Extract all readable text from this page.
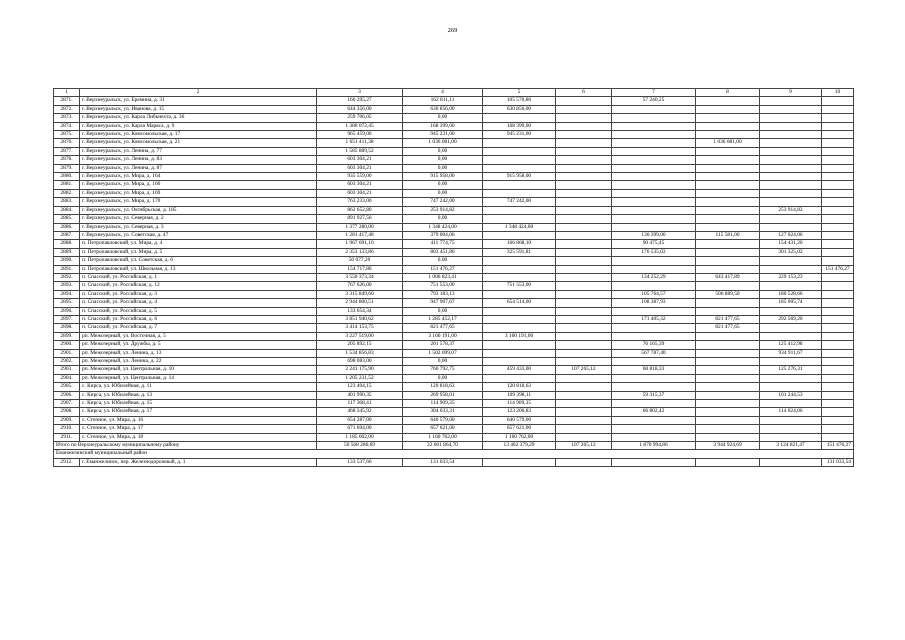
269
1	2	3	4	5	6	7	8	9	10
2871.	г. Верхнеуральск, ул. Еремина, д. 31	166 295,27	162 811,11	105 570,86		57 240,25			
2872.	г. Верхнеуральск, ул. Иванова, д. 15	644 356,00	630 856,00	630 856,00					
2873.	г. Верхнеуральск, ул. Карла Либкнехта, д. 36	259 706,05	0,00						
2874.	г. Верхнеуральск, ул. Карла Маркса, д. 9	1 380 072,45	168 399,00	168 399,00					
2875.	г. Верхнеуральск, ул. Комсомольская, д. 17	965 459,00	945 231,00	945 231,00					
2876.	г. Верхнеуральск, ул. Комсомольская, д. 21	1 651 411,38	1 036 081,00				1 036 081,00		
2877.	г. Верхнеуральск, ул. Ленина, д. 77	1 585 889,52	0,00						
2878.	г. Верхнеуральск, ул. Ленина, д. 83	603 304,21	0,00						
2879.	г. Верхнеуральск, ул. Ленина, д. 87	603 304,21	0,00						
2880.	г. Верхнеуральск, ул. Мира, д. 164	935 559,00	915 958,00	915 958,00					
2881.	г. Верхнеуральск, ул. Мира, д. 166	603 304,21	0,00						
2882.	г. Верхнеуральск, ул. Мира, д. 169	603 304,21	0,00						
2883.	г. Верхнеуральск, ул. Мира, д. 170	763 233,00	747 242,00	747 242,00					
2884.	г. Верхнеуральск, ул. Октябрьская, д. 185	862 652,80	253 914,82					253 914,82	
2885.	г. Верхнеуральск, ул. Северная, д. 2	891 927,56	0,00						
2886.	г. Верхнеуральск, ул. Северная, д. 3	1 377 280,00	1 348 424,00	1 348 424,00					
2887.	г. Верхнеуральск, ул. Советская, д. 47	1 281 417,48	379 004,06			136 399,00	115 581,00	127 024,06	
2888.	п. Петропавловский, ул. Мира, д. 4	1 967 691,10	411 774,75	166 868,10		90 475,45		154 431,20	
2889.	п. Петропавловский, ул. Мира, д. 5	2 353 133,86	803 451,86	325 591,81		176 535,03		301 325,02	
2890.	п. Петропавловский, ул. Советская, д. 6	50 077,20	0,00						
2891.	п. Петропавловский, ул. Школьная, д. 13	154 717,86	151 476,27						151 476,27
2892.	п. Спасский, ул. Российская, д. 1	3 550 373,34	1 006 823,41			134 252,29	643 417,89	229 153,23	
2893.	п. Спасский, ул. Российская, д. 12	767 626,00	751 553,00	751 553,00					
2894.	п. Спасский, ул. Российская, д. 3	3 315 849,60	793 183,13			105 764,57	506 889,50	180 528,66	
2895.	п. Спасский, ул. Российская, д. 4	2 944 800,51	947 907,67	654 514,00		108 387,93		185 005,74	
2896.	п. Спасский, ул. Российская, д. 5	133 654,34	0,00						
2897.	п. Спасский, ул. Российская, д. 6	3 851 940,62	1 285 452,17			171 405,32	821 477,65	292 569,20	
2898.	п. Спасский, ул. Российская, д. 7	3 414 153,75	821 477,65				821 477,65		
2899.	рп. Межозерный, ул. Восточная, д. 5	3 227 519,00	3 160 191,00	3 160 191,00					
2900.	рп. Межозерный, ул. Дружбы, д. 5	205 892,15	201 578,37			76 165,39		125 412,98	
2901.	рп. Межозерный, ул. Ленина, д. 13	1 534 856,83	1 502 699,07			567 787,40		934 911,67	
2902.	рп. Межозерный, ул. Ленина, д. 22	698 083,00	0,00						
2903.	рп. Межозерный, ул. Центральная, д. 10	2 241 175,90	760 792,75	459 433,00	107 265,12	68 818,33		125 276,31	
2904.	рп. Межозерный, ул. Центральная, д. 14	1 205 231,52	0,00						
2905.	с. Кирса, ул. Юбилейная, д. 11	123 404,15	120 818,63	120 818,63					
2906.	с. Кирса, ул. Юбилейная, д. 13	401 990,35	269 958,01	109 398,11		59 315,37		101 244,53	
2907.	с. Кирса, ул. Юбилейная, д. 15	117 368,41	114 909,35	114 909,35					
2908.	с. Кирса, ул. Юбилейная, д. 17	468 345,92	304 033,31	123 206,83		66 802,42		114 024,06	
2909.	с. Степное, ул. Мира, д. 16	654 287,00	640 579,00	640 579,00					
2910.	с. Степное, ул. Мира, д. 17	671 694,00	657 621,00	657 621,00					
2911.	с. Степное, ул. Мира, д. 18	1 185 602,00	1 160 762,00	1 160 762,00					
Итого по Верхнеуральскому муниципальному району		50 568 286,69	22 601 864,70	13 402 379,29	107 265,12	1 870 994,86	3 944 924,69	3 124 821,47	151 476,27
Еманжелинский муниципальный район									
2912.	г. Еманжелинск, пер. Железнодорожный, д. 1	133 537,66	131 033,54						131 033,54
